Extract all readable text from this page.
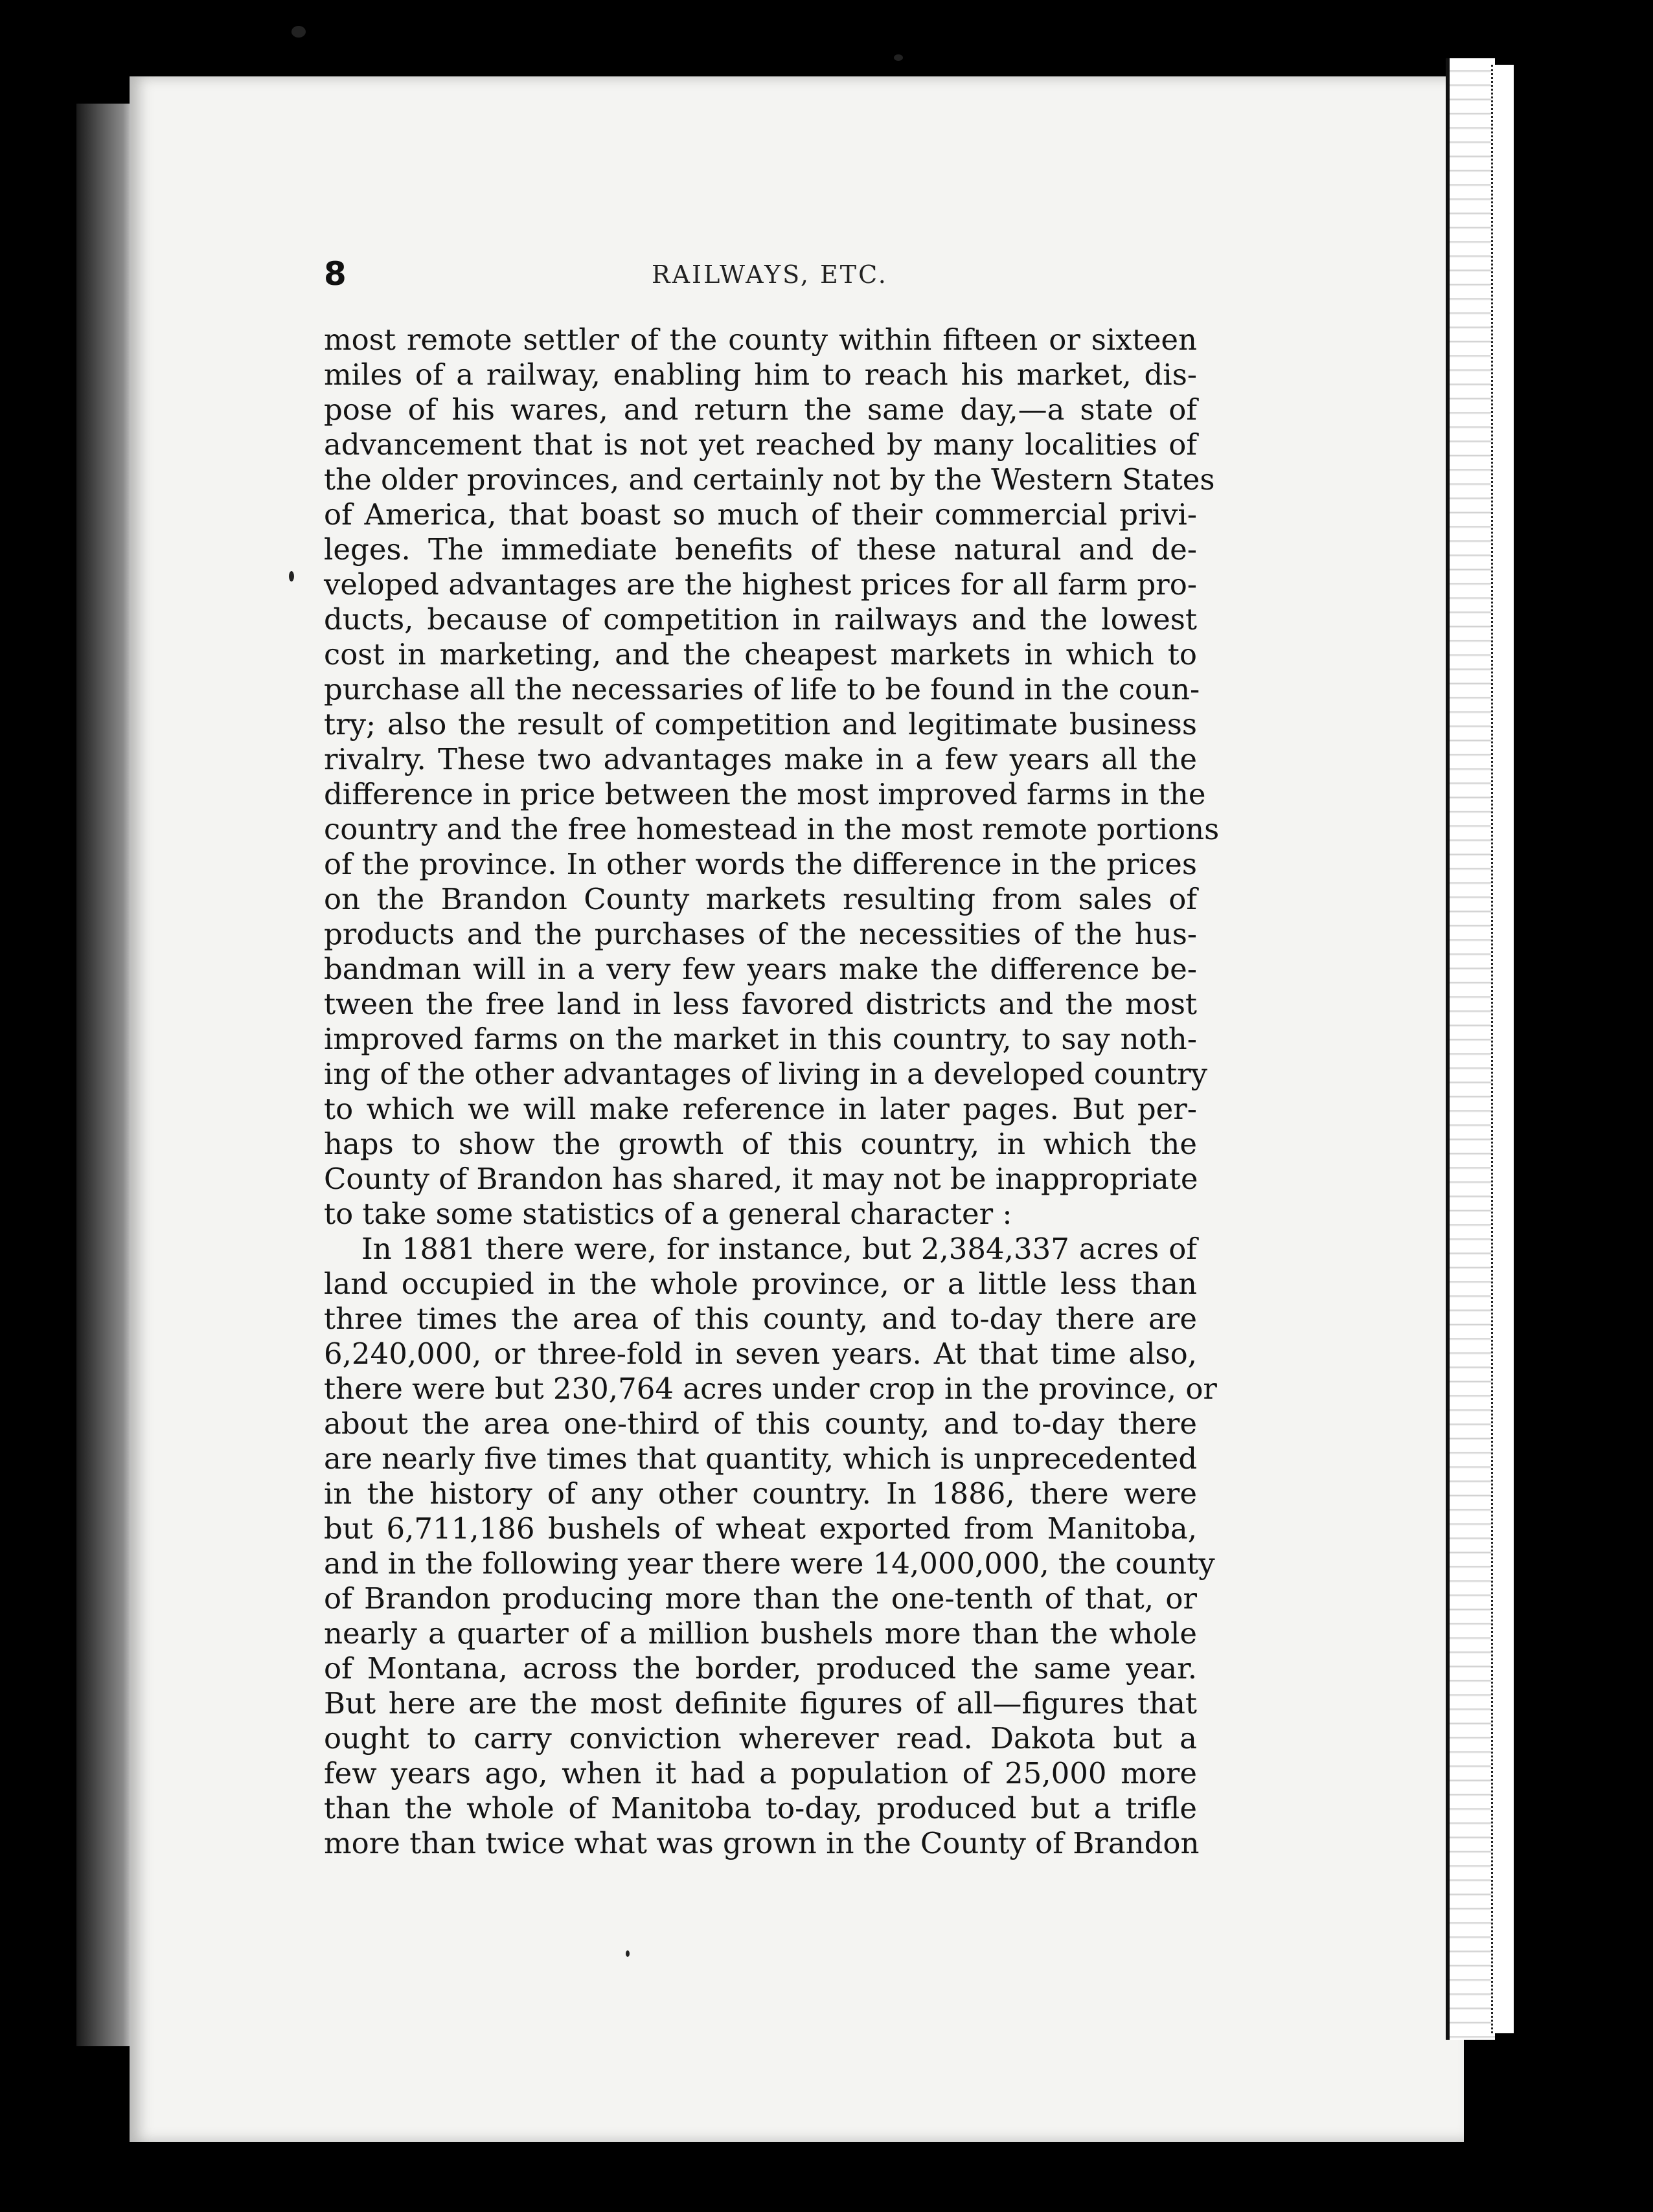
8	RAILWAYS, ETC.
most remote settler of the county within fifteen or sixteen
miles of a railway, enabling him to reach his market, dis-
pose of his wares, and return the same day,—a state of
advancement that is not yet reached by many localities of
the older provinces, and certainly not by the Western States
of America, that boast so much of their commercial privi-
leges. The immediate benefits of these natural and de-
veloped advantages are the highest prices for all farm pro-
ducts, because of competition in railways and the lowest
cost in marketing, and the cheapest markets in which to
purchase all the necessaries of life to be found in the coun-
try; also the result of competition and legitimate business
rivalry. These two advantages make in a few years all the
difference in price between the most improved farms in the
country and the free homestead in the most remote portions
of the province. In other words the difference in the prices
on the Brandon County markets resulting from sales of
products and the purchases of the necessities of the hus-
bandman will in a very few years make the difference be-
tween the free land in less favored districts and the most
improved farms on the market in this country, to say noth-
ing of the other advantages of living in a developed country
to which we will make reference in later pages. But per-
haps to show the growth of this country, in which the
County of Brandon has shared, it may not be inappropriate
to take some statistics of a general character :
In 1881 there were, for instance, but 2,384,337 acres of
land occupied in the whole province, or a little less than
three times the area of this county, and to-day there are
6,240,000, or three-fold in seven years. At that time also,
there were but 230,764 acres under crop in the province, or
about the area one-third of this county, and to-day there
are nearly five times that quantity, which is unprecedented
in the history of any other country. In 1886, there were
but 6,711,186 bushels of wheat exported from Manitoba,
and in the following year there were 14,000,000, the county
of Brandon producing more than the one-tenth of that, or
nearly a quarter of a million bushels more than the whole
of Montana, across the border, produced the same year.
But here are the most definite figures of all—figures that
ought to carry conviction wherever read. Dakota but a
few years ago, when it had a population of 25,000 more
than the whole of Manitoba to-day, produced but a trifle
more than twice what was grown in the County of Brandon
